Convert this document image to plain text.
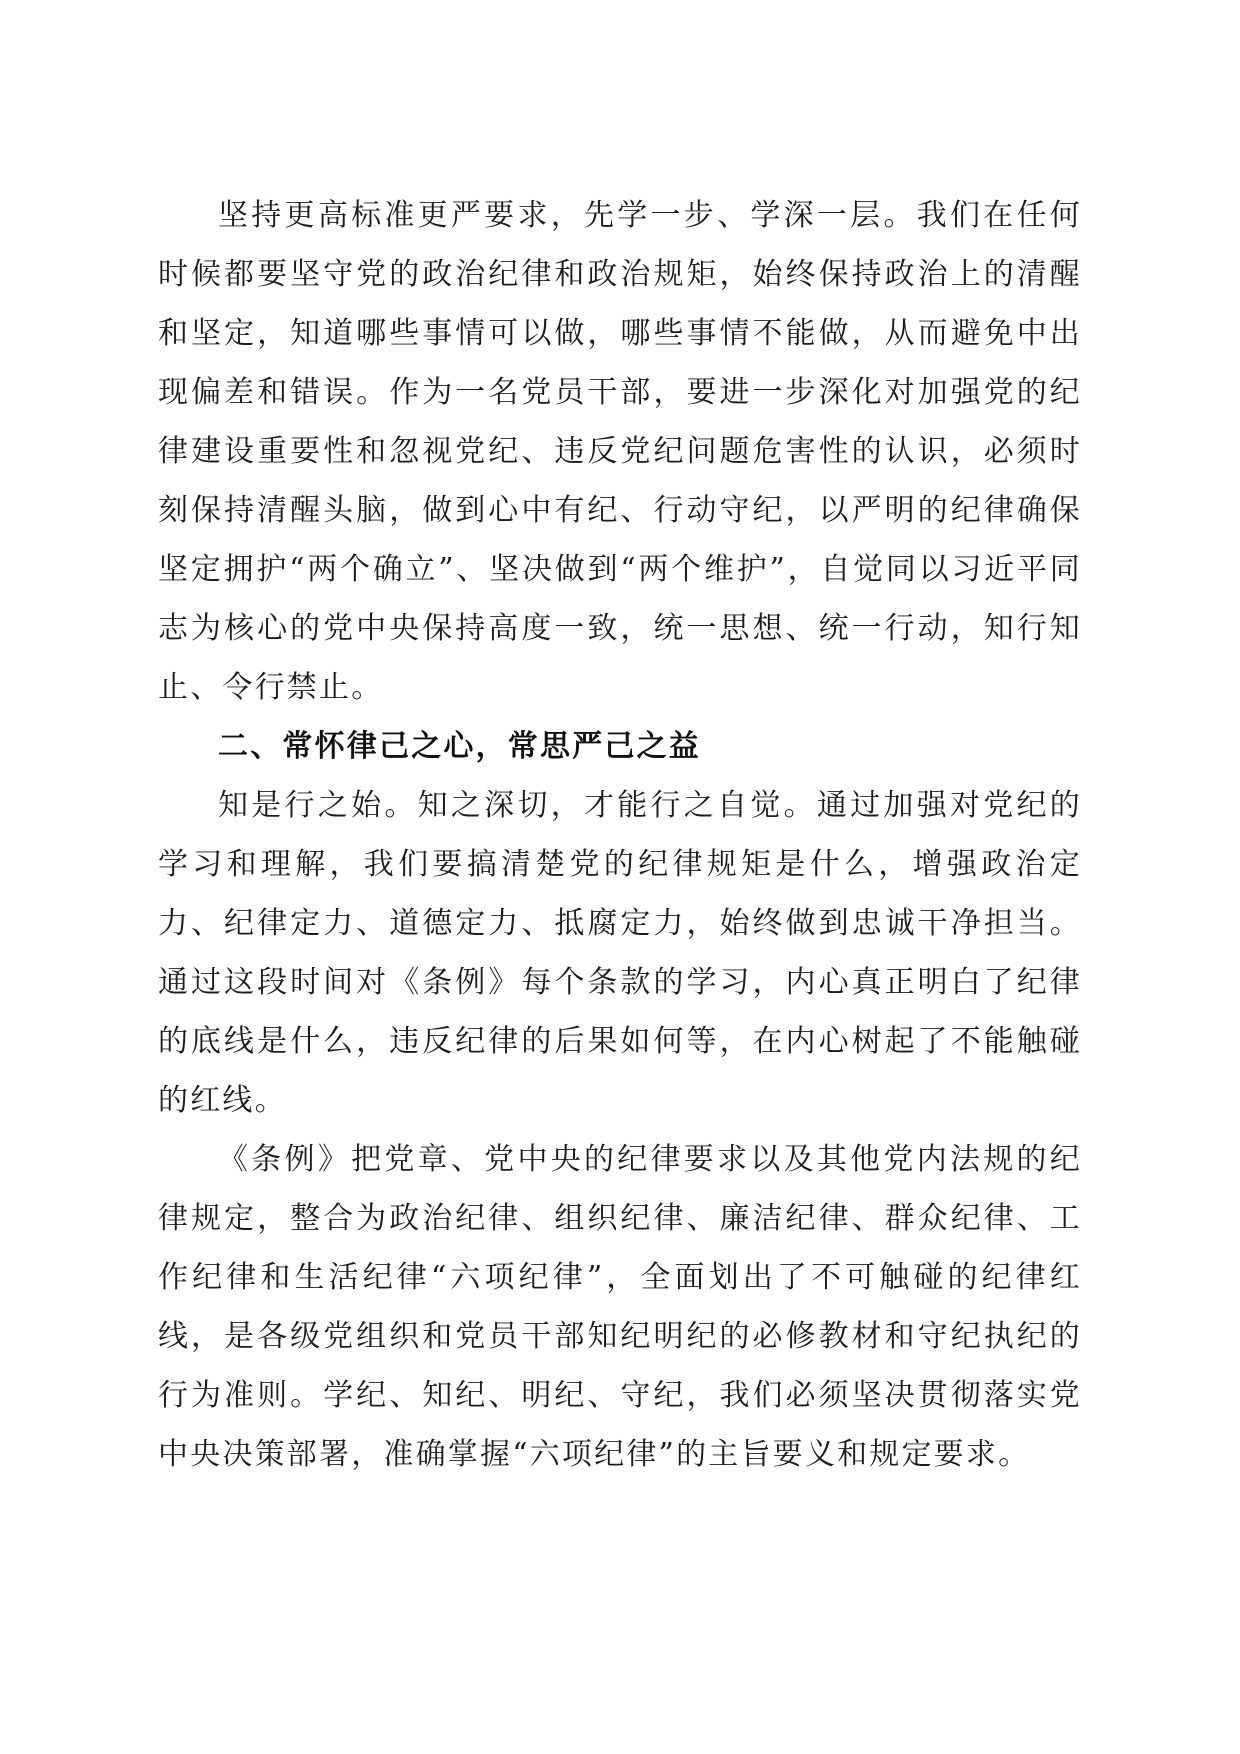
坚持更高标准更严要求，先学一步、学深一层。我们在任何时候都要坚守党的政治纪律和政治规矩，始终保持政治上的清醒和坚定，知道哪些事情可以做，哪些事情不能做，从而避免中出现偏差和错误。作为一名党员干部，要进一步深化对加强党的纪律建设重要性和忽视党纪、违反党纪问题危害性的认识，必须时刻保持清醒头脑，做到心中有纪、行动守纪，以严明的纪律确保坚定拥护“两个确立”、坚决做到“两个维护”，自觉同以习近平同志为核心的党中央保持高度一致，统一思想、统一行动，知行知止、令行禁止。

二、常怀律己之心，常思严己之益

知是行之始。知之深切，才能行之自觉。通过加强对党纪的学习和理解，我们要搞清楚党的纪律规矩是什么，增强政治定力、纪律定力、道德定力、抵腐定力，始终做到忠诚干净担当。通过这段时间对《条例》每个条款的学习，内心真正明白了纪律的底线是什么，违反纪律的后果如何等，在内心树起了不能触碰的红线。

《条例》把党章、党中央的纪律要求以及其他党内法规的纪律规定，整合为政治纪律、组织纪律、廉洁纪律、群众纪律、工作纪律和生活纪律“六项纪律”，全面划出了不可触碰的纪律红线，是各级党组织和党员干部知纪明纪的必修教材和守纪执纪的行为准则。学纪、知纪、明纪、守纪，我们必须坚决贯彻落实党中央决策部署，准确掌握“六项纪律”的主旨要义和规定要求。
